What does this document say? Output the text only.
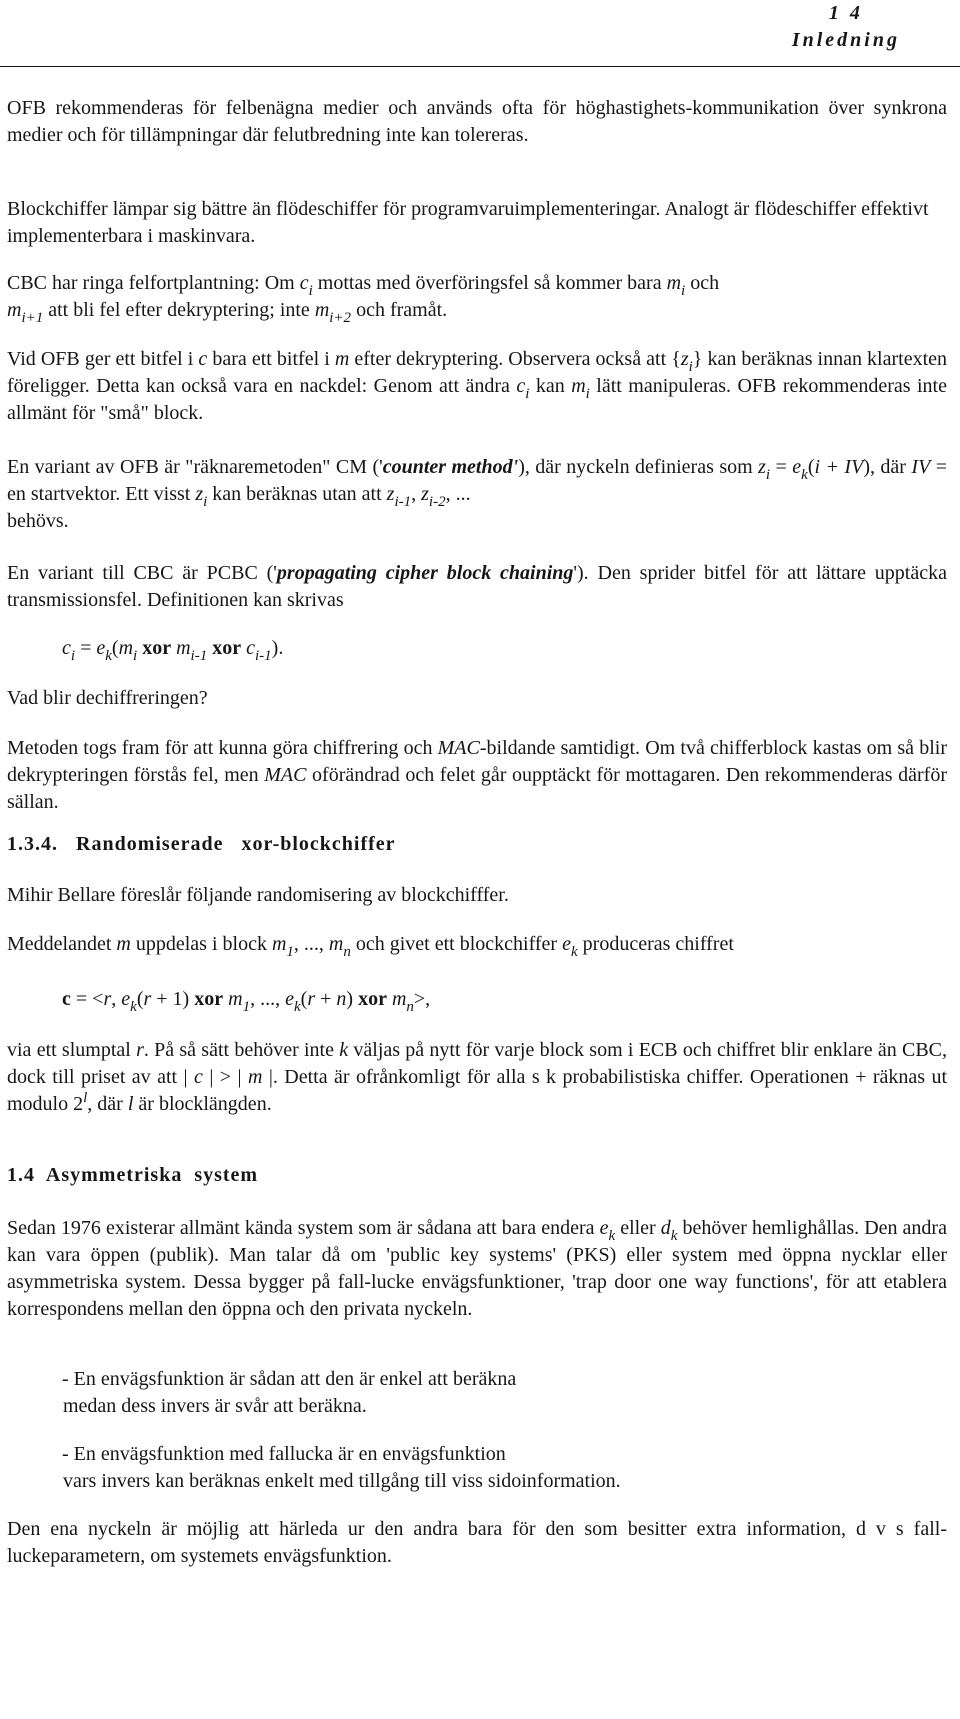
1 4
Inledning

OFB rekommenderas för felbenägna medier och används ofta för höghastighets-kommunikation över synkrona medier och för tillämpningar där felutbredning inte kan tolereras.

Blockchiffer lämpar sig bättre än flödeschiffer för programvaruimplementeringar. Analogt är flödeschiffer effektivt implementerbara i maskinvara.

CBC har ringa felfortplantning: Om $c_i$ mottas med överföringsfel så kommer bara $m_i$ och
$m_{i+1}$ att bli fel efter dekryptering; inte $m_{i+2}$ och framåt.

Vid OFB ger ett bitfel i c bara ett bitfel i m efter dekryptering. Observera också att $\{z_i\}$ kan beräknas innan klartexten föreligger. Detta kan också vara en nackdel: Genom att ändra $c_i$ kan $m_i$ lätt manipuleras. OFB rekommenderas inte allmänt för "små" block.

En variant av OFB är "räknaremetoden" CM ('counter method'), där nyckeln definieras som $z_i = e_k(i + IV)$, där IV = en startvektor. Ett visst $z_i$ kan beräknas utan att $z_{i-1}$, $z_{i-2}$, ...
behövs.

En variant till CBC är PCBC ('propagating cipher block chaining'). Den sprider bitfel för att lättare upptäcka transmissionsfel. Definitionen kan skrivas

$c_i = e_k(m_i$ xor $m_{i-1}$ xor $c_{i-1}$).

Vad blir dechiffreringen?

Metoden togs fram för att kunna göra chiffrering och MAC-bildande samtidigt. Om två chifferblock kastas om så blir dekrypteringen förstås fel, men MAC oförändrad och felet går oupptäckt för mottagaren. Den rekommenderas därför sällan.

1.3.4.   Randomiserade   xor-blockchiffer

Mihir Bellare föreslår följande randomisering av blockchifffer.

Meddelandet m uppdelas i block $m_1$, ..., $m_n$ och givet ett blockchiffer $e_k$ produceras chiffret

c = <r, $e_k(r + 1)$ xor $m_1$, ..., $e_k(r + n)$ xor $m_n>$,

via ett slumptal r. På så sätt behöver inte k väljas på nytt för varje block som i ECB och chiffret blir enklare än CBC, dock till priset av att | c | > | m |. Detta är ofrånkomligt för alla s k probabilistiska chiffer. Operationen + räknas ut modulo 2$^l$, där l är blocklängden.

1.4  Asymmetriska  system

Sedan 1976 existerar allmänt kända system som är sådana att bara endera $e_k$ eller $d_k$ behöver hemlighållas. Den andra kan vara öppen (publik). Man talar då om 'public key systems' (PKS) eller system med öppna nycklar eller asymmetriska system. Dessa bygger på fall-lucke envägsfunktioner, 'trap door one way functions', för att etablera korrespondens mellan den öppna och den privata nyckeln.

- En envägsfunktion är sådan att den är enkel att beräkna
medan dess invers är svår att beräkna.
- En envägsfunktion med fallucka är en envägsfunktion
vars invers kan beräknas enkelt med tillgång till viss sidoinformation.

Den ena nyckeln är möjlig att härleda ur den andra bara för den som besitter extra information, d v s fall-luckeparametern, om systemets envägsfunktion.
